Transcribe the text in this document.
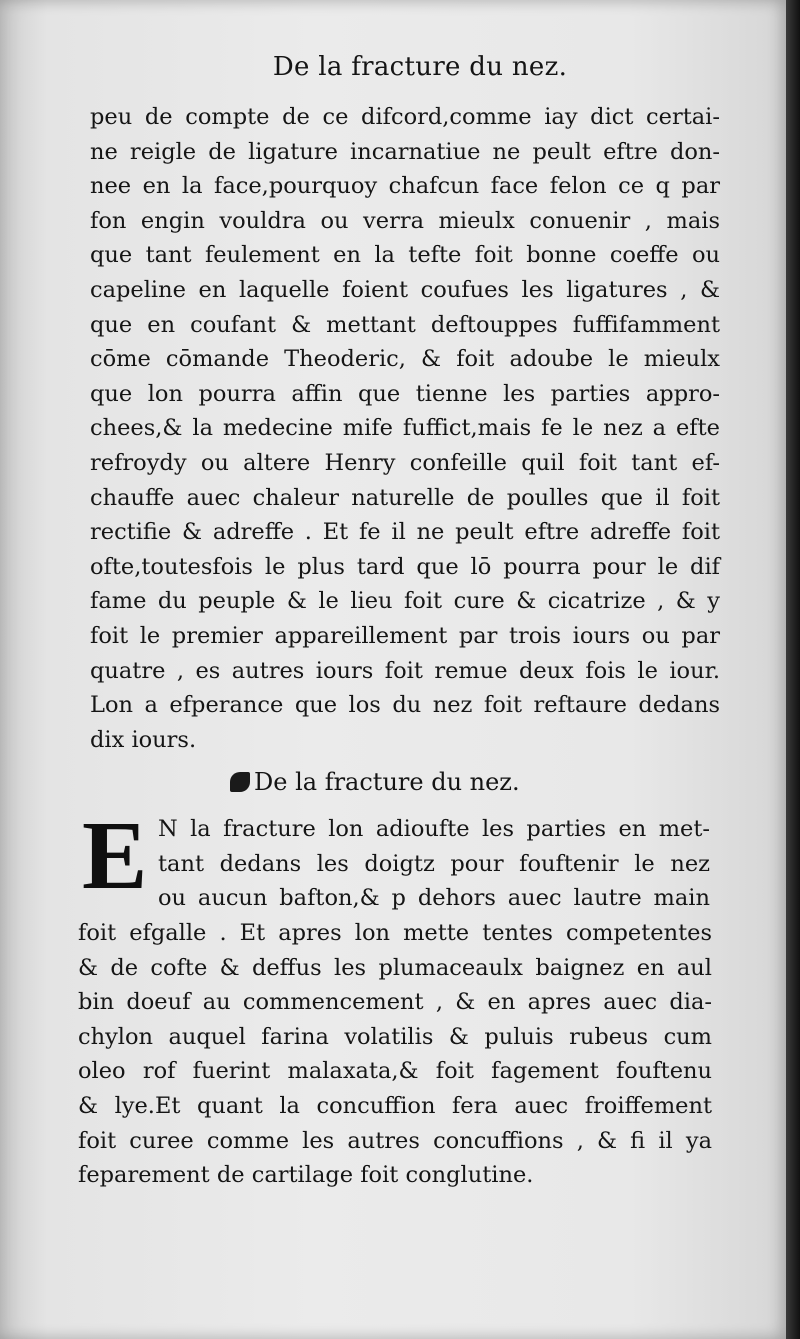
De la fracture du nez.
peu de compte de ce difcord,comme iay dict certai-
ne reigle de ligature incarnatiue ne peult eftre don-
nee en la face,pourquoy chafcun face felon ce q par
fon engin vouldra ou verra mieulx conuenir , mais
que tant feulement en la tefte foit bonne coeffe ou
capeline en laquelle foient coufues les ligatures , &
que en coufant & mettant deftouppes fuffifamment
cōme cōmande Theoderic, & foit adoube le mieulx
que lon pourra affin que tienne les parties appro-
chees,& la medecine mife fuffict,mais fe le nez a efte
refroydy ou altere Henry confeille quil foit tant ef-
chauffe auec chaleur naturelle de poulles que il foit
rectifie & adreffe . Et fe il ne peult eftre adreffe foit
ofte,toutesfois le plus tard que lō pourra pour le dif
fame du peuple & le lieu foit cure & cicatrize , & y
foit le premier appareillement par trois iours ou par
quatre , es autres iours foit remue deux fois le iour.
Lon a efperance que los du nez foit reftaure dedans
dix iours.
De la fracture du nez.
E N la fracture lon adioufte les parties en met-
tant dedans les doigtz pour fouftenir le nez
ou aucun bafton,& p dehors auec lautre main
foit efgalle . Et apres lon mette tentes competentes
& de cofte & deffus les plumaceaulx baignez en aul
bin doeuf au commencement , & en apres auec dia-
chylon auquel farina volatilis & puluis rubeus cum
oleo rof fuerint malaxata,& foit fagement fouftenu
& lye.Et quant la concuffion fera auec froiffement
foit curee comme les autres concuffions , & fi il ya
feparement de cartilage foit conglutine.
